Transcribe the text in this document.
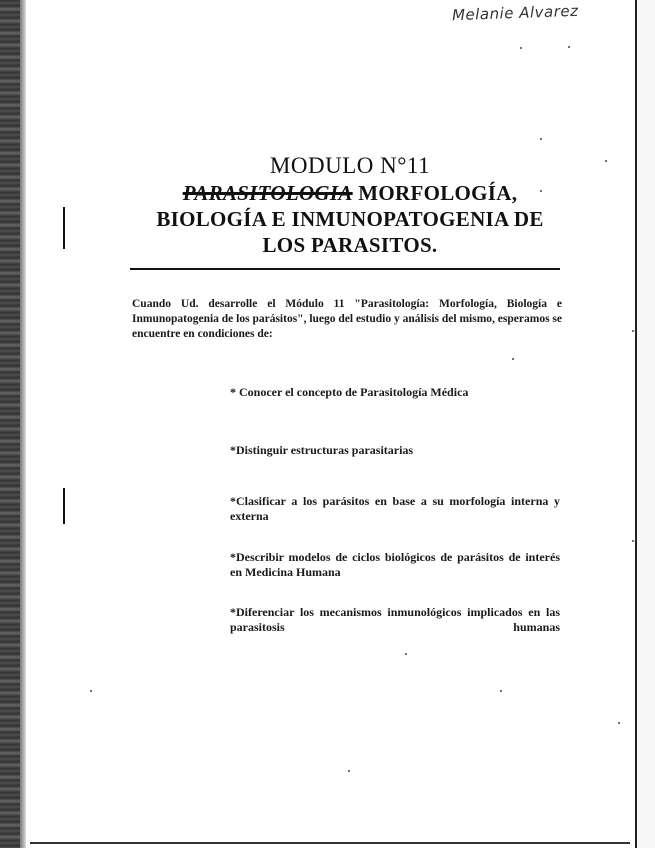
Melanie Alvarez
MODULO N°11
PARASITOLOGIA MORFOLOGÍA,
BIOLOGÍA E INMUNOPATOGENIA DE
LOS PARASITOS.

Cuando Ud. desarrolle el Módulo 11 "Parasitología: Morfología, Biología e Inmunopatogenia de los parásitos", luego del estudio y análisis del mismo, esperamos se encuentre en condiciones de:

* Conocer el concepto de Parasitología Médica
*Distinguir estructuras parasitarias
*Clasificar a los parásitos en base a su morfología interna y externa
*Describir modelos de ciclos biológicos de parásitos de interés en Medicina Humana
*Diferenciar los mecanismos inmunológicos implicados en las parasitosis humanas
